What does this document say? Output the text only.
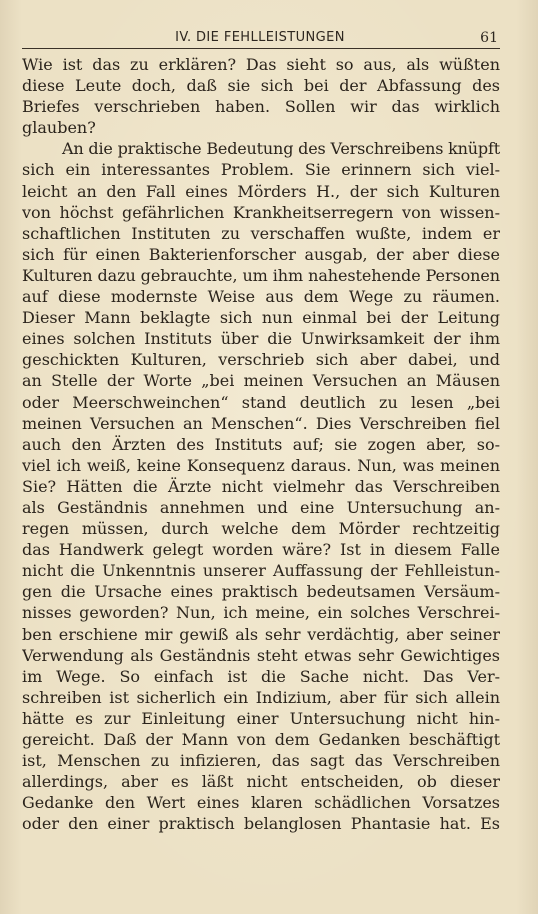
IV. DIE FEHLLEISTUNGEN	61
Wie ist das zu erklären? Das sieht so aus, als wüßten
diese Leute doch, daß sie sich bei der Abfassung des
Briefes verschrieben haben. Sollen wir das wirklich
glauben?
An die praktische Bedeutung des Verschreibens knüpft
sich ein interessantes Problem. Sie erinnern sich viel-
leicht an den Fall eines Mörders H., der sich Kulturen
von höchst gefährlichen Krankheitserregern von wissen-
schaftlichen Instituten zu verschaffen wußte, indem er
sich für einen Bakterienforscher ausgab, der aber diese
Kulturen dazu gebrauchte, um ihm nahestehende Personen
auf diese modernste Weise aus dem Wege zu räumen.
Dieser Mann beklagte sich nun einmal bei der Leitung
eines solchen Instituts über die Unwirksamkeit der ihm
geschickten Kulturen, verschrieb sich aber dabei, und
an Stelle der Worte „bei meinen Versuchen an Mäusen
oder Meerschweinchen“ stand deutlich zu lesen „bei
meinen Versuchen an Menschen“. Dies Verschreiben fiel
auch den Ärzten des Instituts auf; sie zogen aber, so-
viel ich weiß, keine Konsequenz daraus. Nun, was meinen
Sie? Hätten die Ärzte nicht vielmehr das Verschreiben
als Geständnis annehmen und eine Untersuchung an-
regen müssen, durch welche dem Mörder rechtzeitig
das Handwerk gelegt worden wäre? Ist in diesem Falle
nicht die Unkenntnis unserer Auffassung der Fehlleistun-
gen die Ursache eines praktisch bedeutsamen Versäum-
nisses geworden? Nun, ich meine, ein solches Verschrei-
ben erschiene mir gewiß als sehr verdächtig, aber seiner
Verwendung als Geständnis steht etwas sehr Gewichtiges
im Wege. So einfach ist die Sache nicht. Das Ver-
schreiben ist sicherlich ein Indizium, aber für sich allein
hätte es zur Einleitung einer Untersuchung nicht hin-
gereicht. Daß der Mann von dem Gedanken beschäftigt
ist, Menschen zu infizieren, das sagt das Verschreiben
allerdings, aber es läßt nicht entscheiden, ob dieser
Gedanke den Wert eines klaren schädlichen Vorsatzes
oder den einer praktisch belanglosen Phantasie hat. Es
